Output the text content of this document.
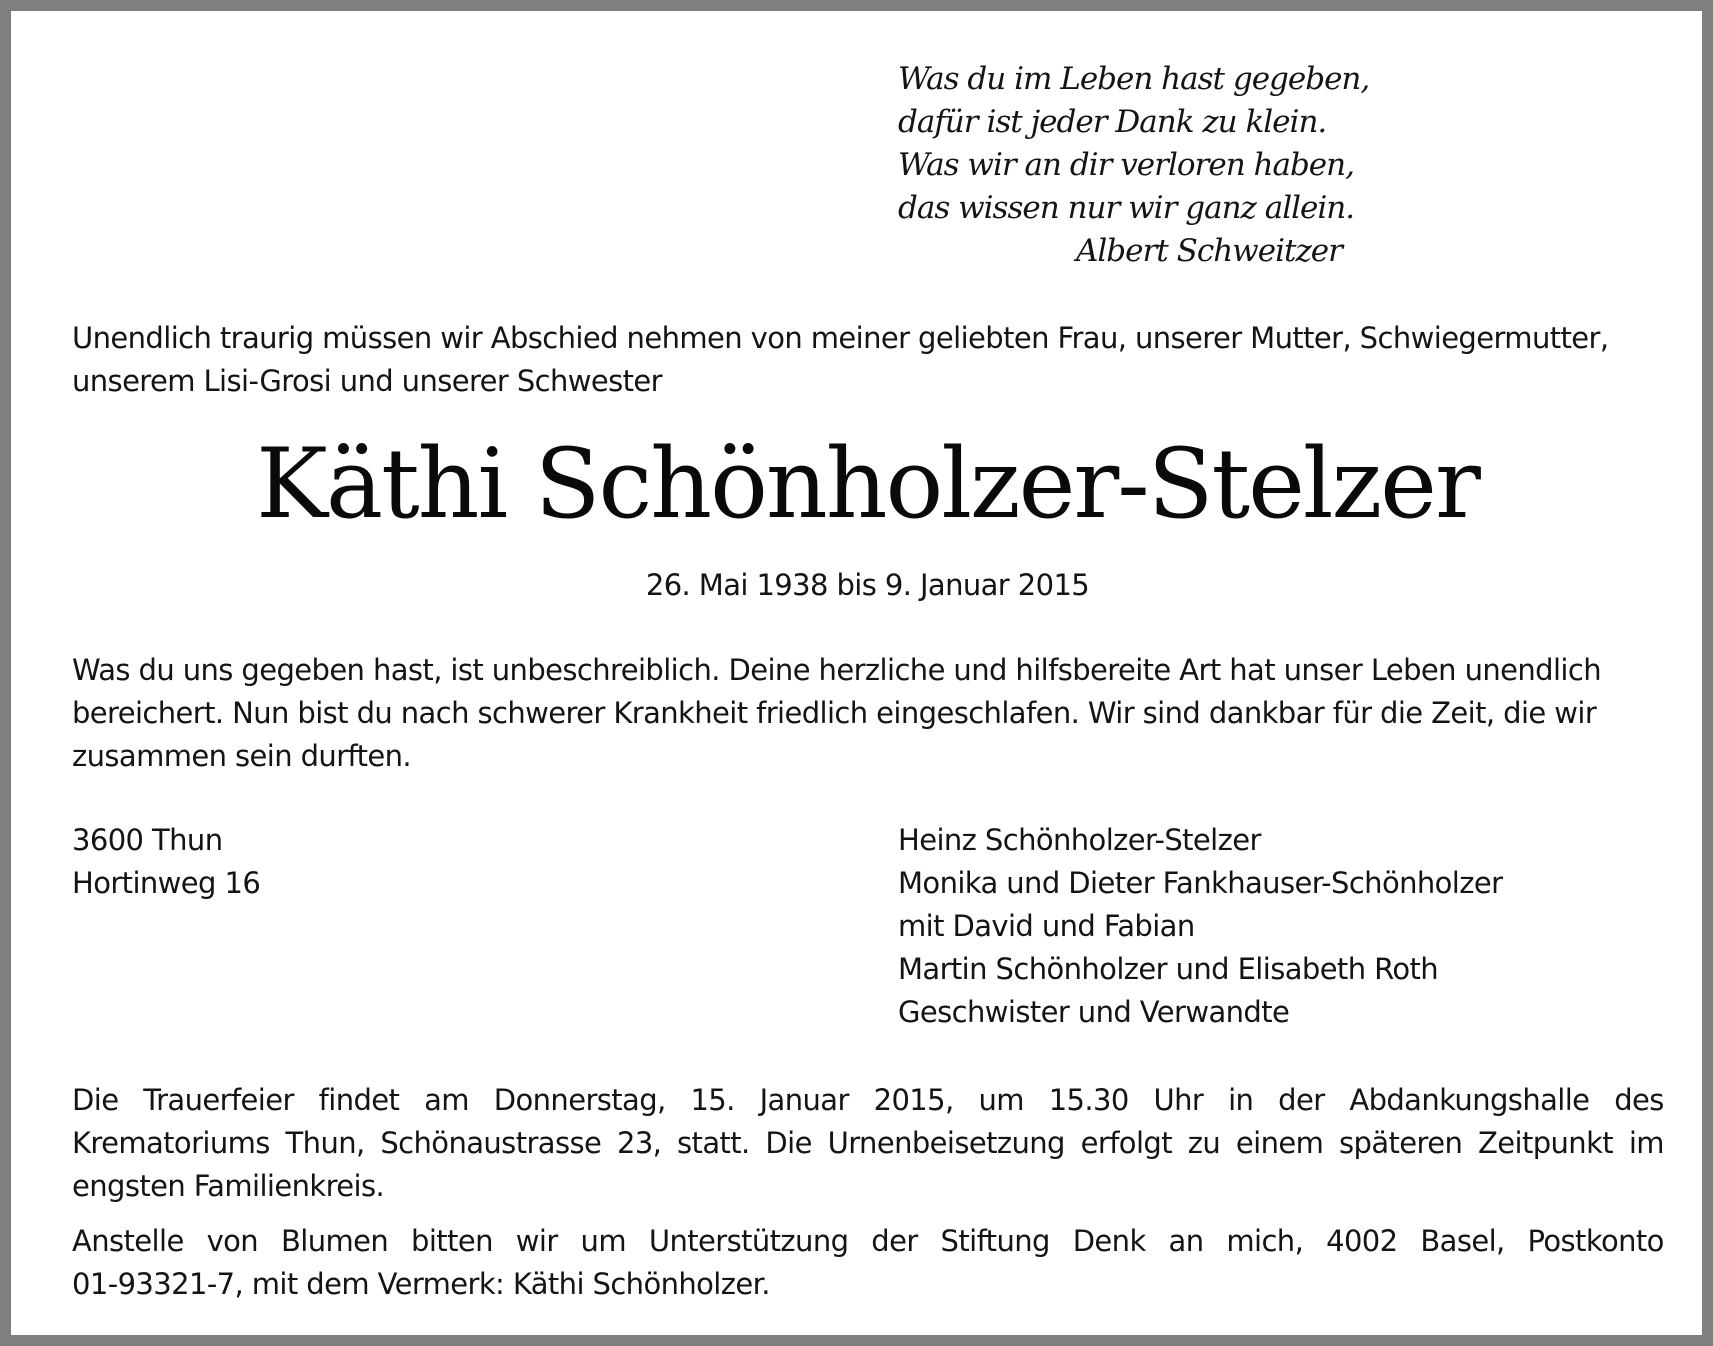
Was du im Leben hast gegeben,
dafür ist jeder Dank zu klein.
Was wir an dir verloren haben,
das wissen nur wir ganz allein.
Albert Schweitzer
Unendlich traurig müssen wir Abschied nehmen von meiner geliebten Frau, unserer Mutter, Schwiegermutter,
unserem Lisi-Grosi und unserer Schwester
Käthi Schönholzer-Stelzer
26. Mai 1938 bis 9. Januar 2015
Was du uns gegeben hast, ist unbeschreiblich. Deine herzliche und hilfsbereite Art hat unser Leben unendlich
bereichert. Nun bist du nach schwerer Krankheit friedlich eingeschlafen. Wir sind dankbar für die Zeit, die wir
zusammen sein durften.
3600 Thun
Hortinweg 16
Heinz Schönholzer-Stelzer
Monika und Dieter Fankhauser-Schönholzer
mit David und Fabian
Martin Schönholzer und Elisabeth Roth
Geschwister und Verwandte
Die Trauerfeier findet am Donnerstag, 15. Januar 2015, um 15.30 Uhr in der Abdankungshalle des
Krematoriums Thun, Schönaustrasse 23, statt. Die Urnenbeisetzung erfolgt zu einem späteren Zeitpunkt im
engsten Familienkreis.
Anstelle von Blumen bitten wir um Unterstützung der Stiftung Denk an mich, 4002 Basel, Postkonto
01-93321-7, mit dem Vermerk: Käthi Schönholzer.
